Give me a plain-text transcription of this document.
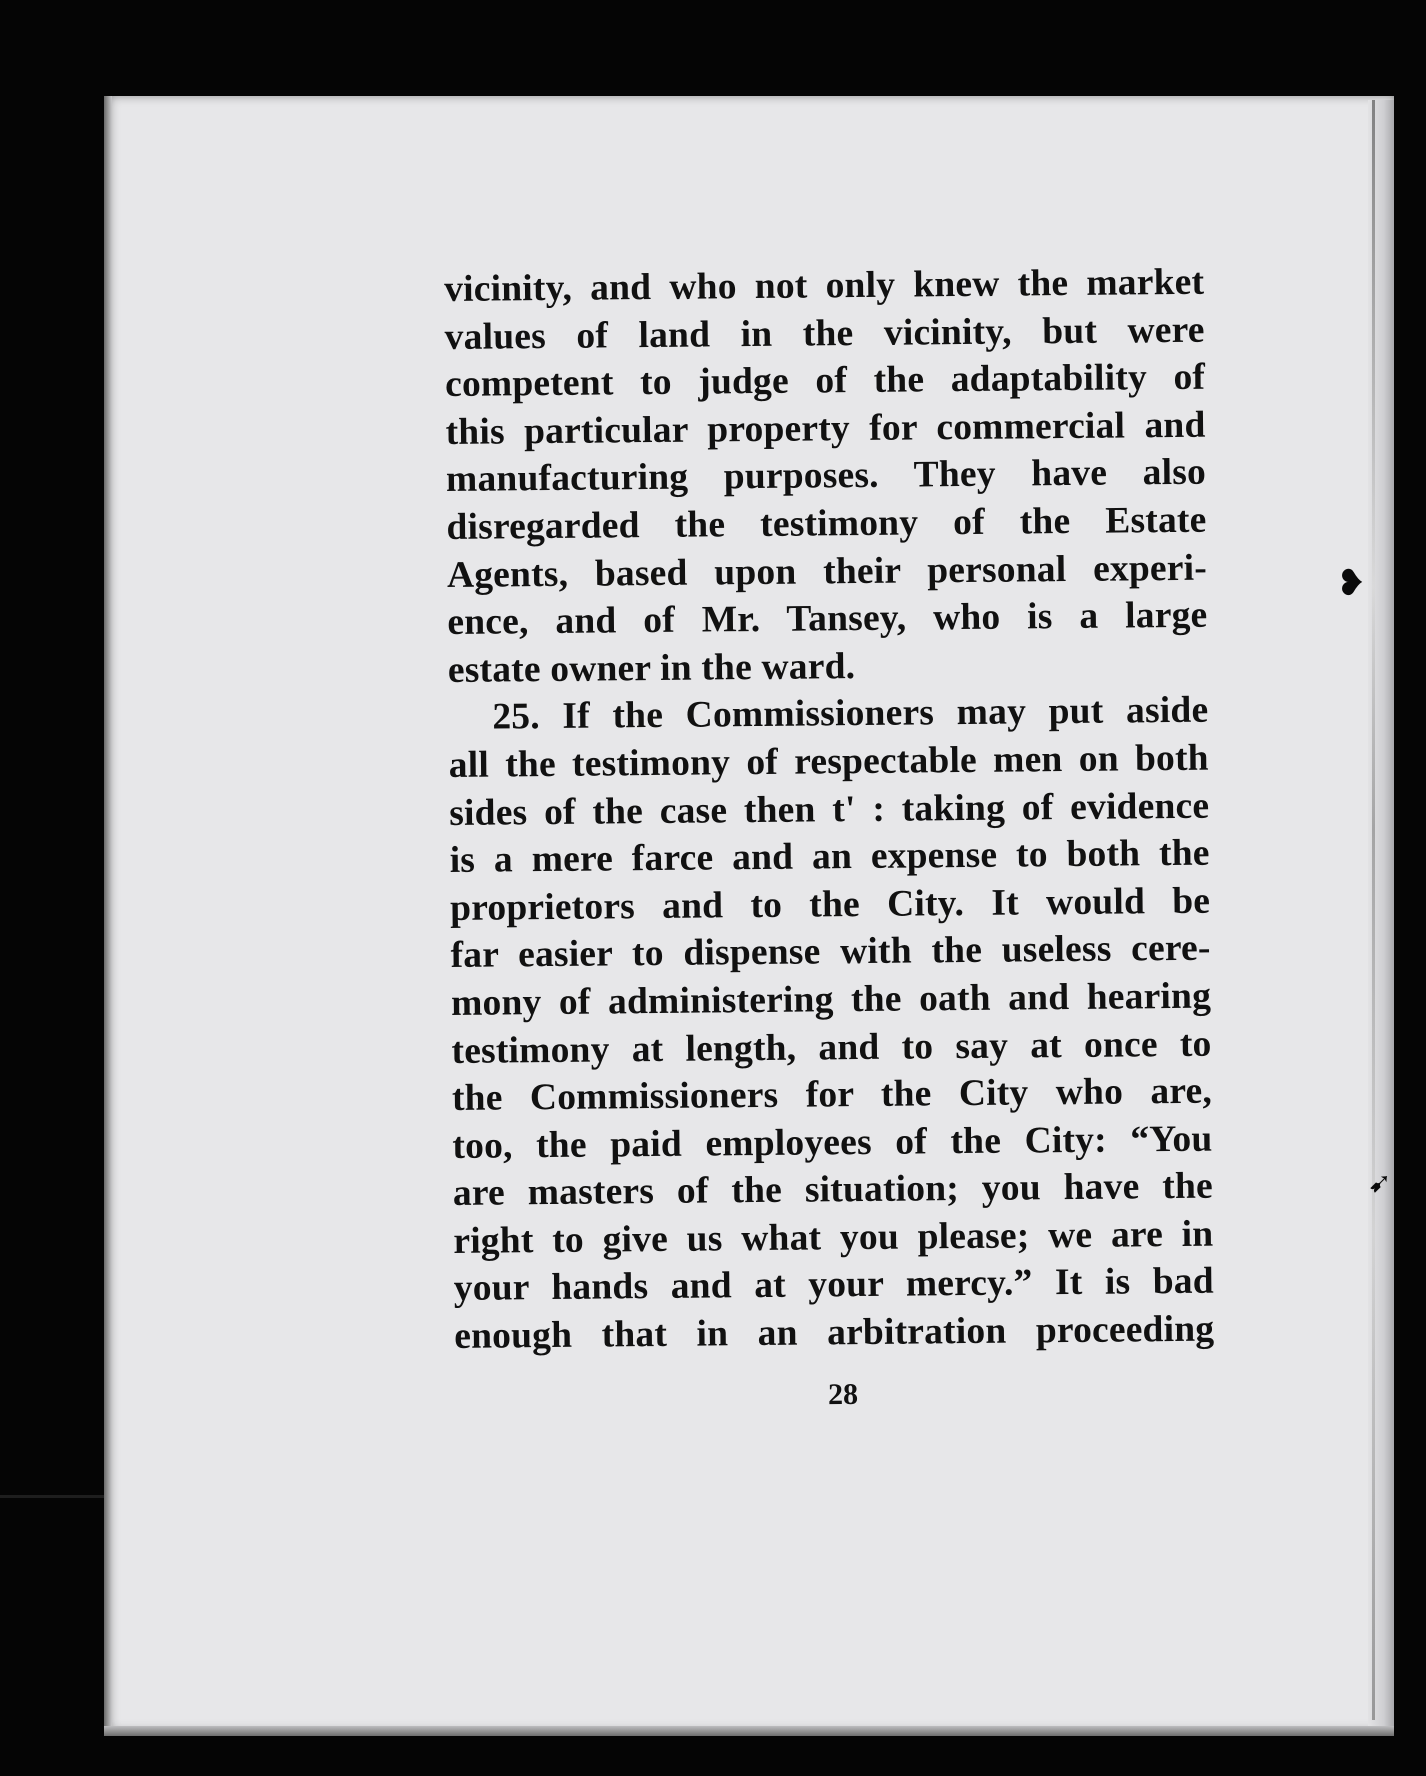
vicinity, and who not only knew the market
values of land in the vicinity, but were
competent to judge of the adaptability of
this particular property for commercial and
manufacturing purposes. They have also
disregarded the testimony of the Estate
Agents, based upon their personal experi-
ence, and of Mr. Tansey, who is a large
estate owner in the ward.
25. If the Commissioners may put aside
all the testimony of respectable men on both
sides of the case then t' : taking of evidence
is a mere farce and an expense to both the
proprietors and to the City. It would be
far easier to dispense with the useless cere-
mony of administering the oath and hearing
testimony at length, and to say at once to
the Commissioners for the City who are,
too, the paid employees of the City: “You
are masters of the situation; you have the
right to give us what you please; we are in
your hands and at your mercy.” It is bad
enough that in an arbitration proceeding
28
❥
➹
